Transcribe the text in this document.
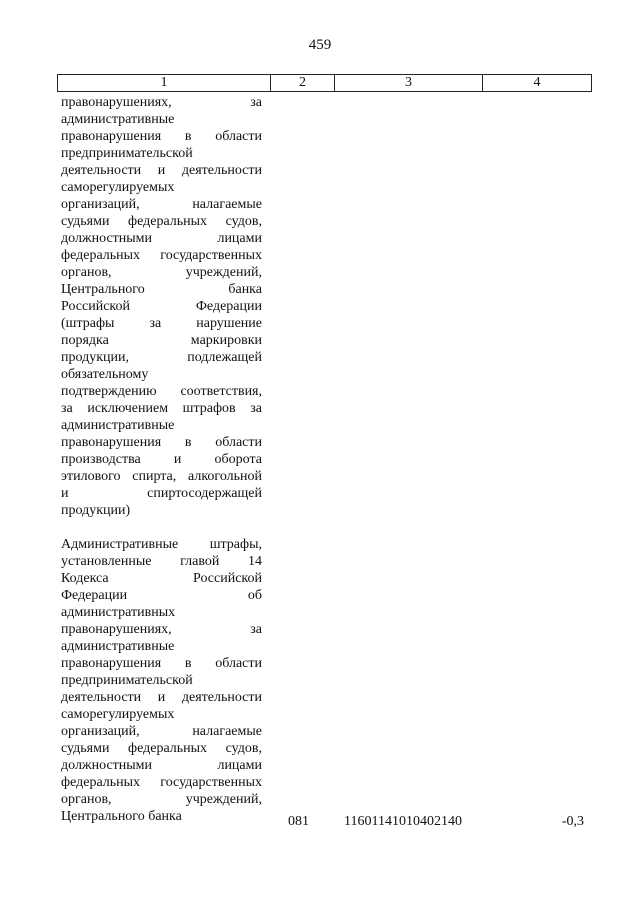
459
1	2	3	4
правонарушениях, за
административные
правонарушения в области
предпринимательской
деятельности и деятельности
саморегулируемых
организаций, налагаемые
судьями федеральных судов,
должностными лицами
федеральных государственных
органов, учреждений,
Центрального банка
Российской Федерации
(штрафы за нарушение
порядка маркировки
продукции, подлежащей
обязательному
подтверждению соответствия,
за исключением штрафов за
административные
правонарушения в области
производства и оборота
этилового спирта, алкогольной
и спиртосодержащей
продукции)
Административные штрафы,
установленные главой 14
Кодекса Российской
Федерации об
административных
правонарушениях, за
административные
правонарушения в области
предпринимательской
деятельности и деятельности
саморегулируемых
организаций, налагаемые
судьями федеральных судов,
должностными лицами
федеральных государственных
органов, учреждений,
Центрального банка	081	11601141010402140	-0,3
